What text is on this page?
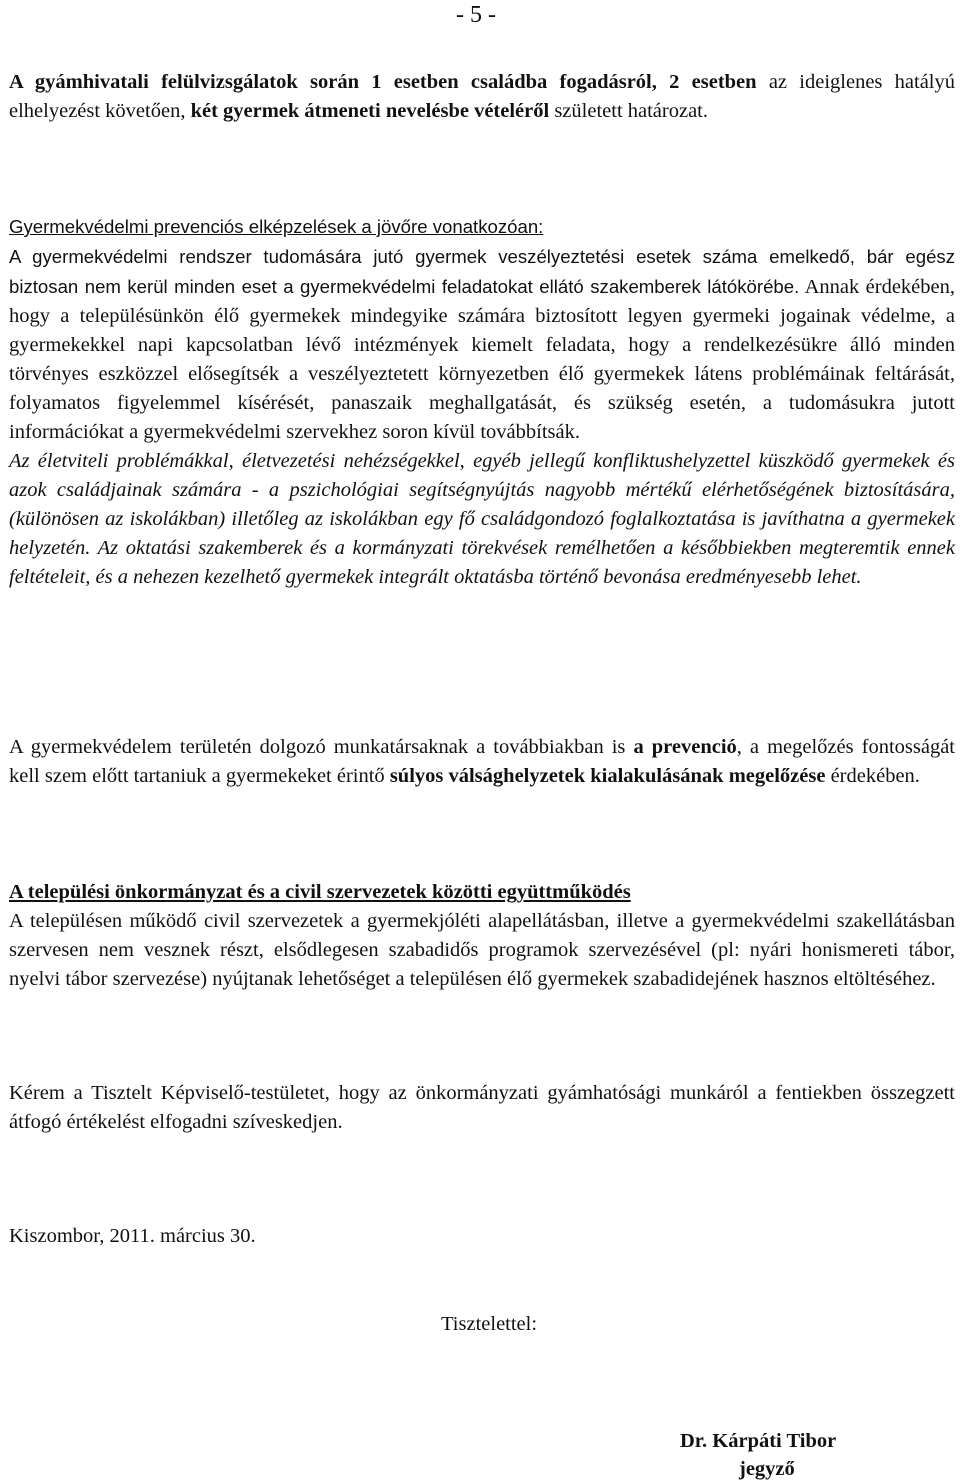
- 5 -

A gyámhivatali felülvizsgálatok során 1 esetben családba fogadásról, 2 esetben az ideiglenes hatályú elhelyezést követően, két gyermek átmeneti nevelésbe vételéről született határozat.

Gyermekvédelmi prevenciós elképzelések a jövőre vonatkozóan:
A gyermekvédelmi rendszer tudomására jutó gyermek veszélyeztetési esetek száma emelkedő, bár egész biztosan nem kerül minden eset a gyermekvédelmi feladatokat ellátó szakemberek látókörébe. Annak érdekében, hogy a településünkön élő gyermekek mindegyike számára biztosított legyen gyermeki jogainak védelme, a gyermekekkel napi kapcsolatban lévő intézmények kiemelt feladata, hogy a rendelkezésükre álló minden törvényes eszközzel elősegítsék a veszélyeztetett környezetben élő gyermekek látens problémáinak feltárását, folyamatos figyelemmel kísérését, panaszaik meghallgatását, és szükség esetén, a tudomásukra jutott információkat a gyermekvédelmi szervekhez soron kívül továbbítsák.
Az életviteli problémákkal, életvezetési nehézségekkel, egyéb jellegű konfliktushelyzettel küszködő gyermekek és azok családjainak számára - a pszichológiai segítségnyújtás nagyobb mértékű elérhetőségének biztosítására, (különösen az iskolákban) illetőleg az iskolákban egy fő családgondozó foglalkoztatása is javíthatna a gyermekek helyzetén. Az oktatási szakemberek és a kormányzati törekvések remélhetően a későbbiekben megteremtik ennek feltételeit, és a nehezen kezelhető gyermekek integrált oktatásba történő bevonása eredményesebb lehet.

A gyermekvédelem területén dolgozó munkatársaknak a továbbiakban is a prevenció, a megelőzés fontosságát kell szem előtt tartaniuk a gyermekeket érintő súlyos válsághelyzetek kialakulásának megelőzése érdekében.

A települési önkormányzat és a civil szervezetek közötti együttműködés
A településen működő civil szervezetek a gyermekjóléti alapellátásban, illetve a gyermekvédelmi szakellátásban szervesen nem vesznek részt, elsődlegesen szabadidős programok szervezésével (pl: nyári honismereti tábor, nyelvi tábor szervezése) nyújtanak lehetőséget a településen élő gyermekek szabadidejének hasznos eltöltéséhez.

Kérem a Tisztelt Képviselő-testületet, hogy az önkormányzati gyámhatósági munkáról a fentiekben összegzett átfogó értékelést elfogadni szíveskedjen.

Kiszombor, 2011. március 30.
Tisztelettel:
Dr. Kárpáti Tibor
jegyző
